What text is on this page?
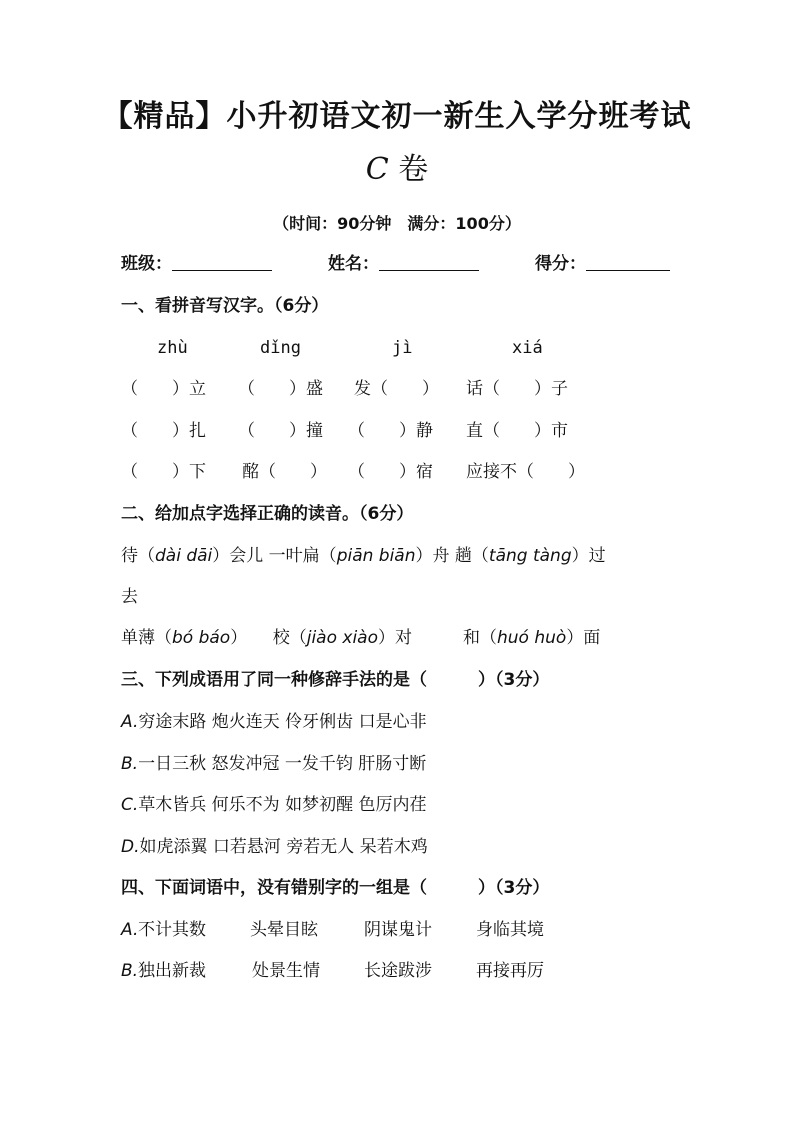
【精品】小升初语文初一新生入学分班考试
C 卷
（时间：90分钟　满分：100分）
班级：	姓名：	得分：
一、看拼音写汉字。（6分）
zhù	dǐng	jì	xiá
（　　）立 （　　）盛 发（　　） 话（　　）子
（　　）扎 （　　）撞 （　　）静 直（　　）市
（　　）下 酩（　　） （　　）宿 应接不（　　）
二、给加点字选择正确的读音。（6分）
待（dài dāi）会儿 一叶扁（piān biān）舟 趟（tāng tàng）过
去
单薄（bó báo）　　校（jiào xiào）对　　　和（huó huò）面
三、下列成语用了同一种修辞手法的是（　　　）（3分）
A.穷途末路 炮火连天 伶牙俐齿 口是心非
B.一日三秋 怒发冲冠 一发千钧 肝肠寸断
C.草木皆兵 何乐不为 如梦初醒 色厉内荏
D.如虎添翼 口若悬河 旁若无人 呆若木鸡
四、下面词语中，没有错别字的一组是（　　　）（3分）
A. 不计其数	头晕目眩	阴谋鬼计	身临其境
B. 独出新裁	处景生情	长途跋涉	再接再厉
